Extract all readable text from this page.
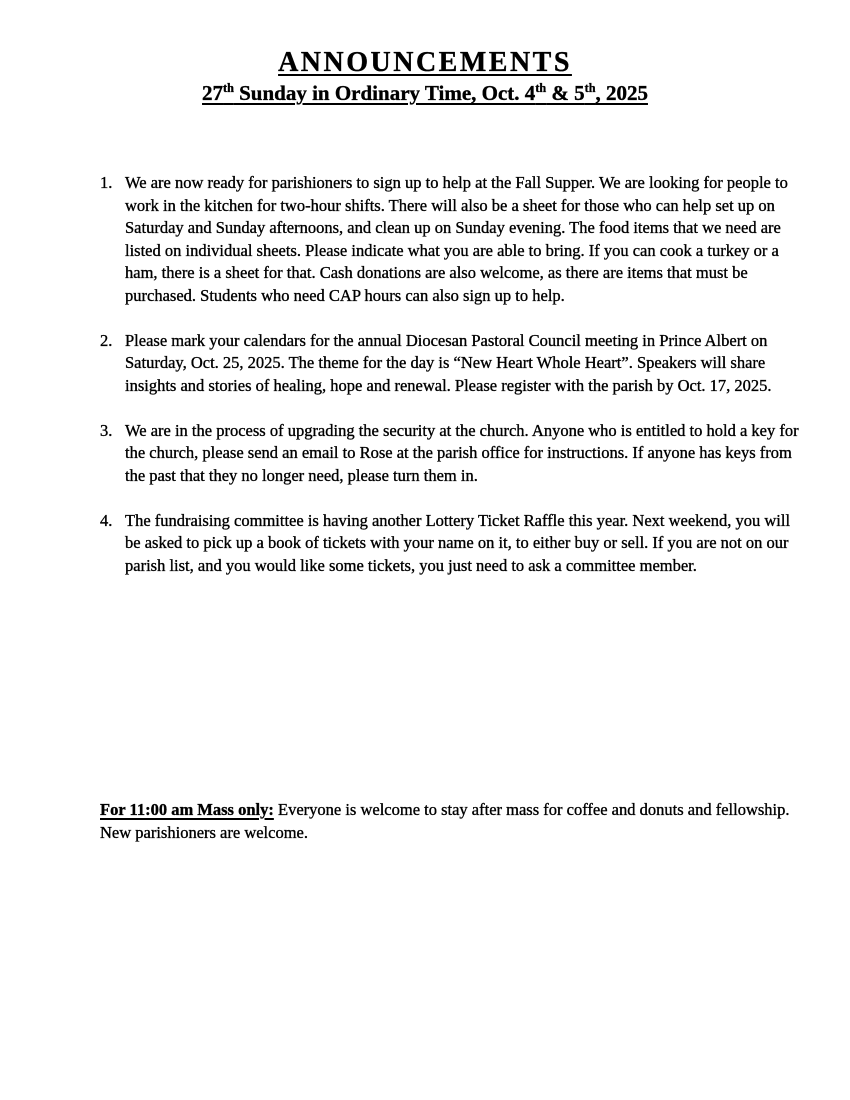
ANNOUNCEMENTS
27th Sunday in Ordinary Time, Oct. 4th & 5th, 2025
1. We are now ready for parishioners to sign up to help at the Fall Supper. We are looking for people to work in the kitchen for two-hour shifts. There will also be a sheet for those who can help set up on Saturday and Sunday afternoons, and clean up on Sunday evening. The food items that we need are listed on individual sheets. Please indicate what you are able to bring. If you can cook a turkey or a ham, there is a sheet for that. Cash donations are also welcome, as there are items that must be purchased. Students who need CAP hours can also sign up to help.
2. Please mark your calendars for the annual Diocesan Pastoral Council meeting in Prince Albert on Saturday, Oct. 25, 2025. The theme for the day is “New Heart Whole Heart”. Speakers will share insights and stories of healing, hope and renewal. Please register with the parish by Oct. 17, 2025.
3. We are in the process of upgrading the security at the church. Anyone who is entitled to hold a key for the church, please send an email to Rose at the parish office for instructions. If anyone has keys from the past that they no longer need, please turn them in.
4. The fundraising committee is having another Lottery Ticket Raffle this year. Next weekend, you will be asked to pick up a book of tickets with your name on it, to either buy or sell. If you are not on our parish list, and you would like some tickets, you just need to ask a committee member.
For 11:00 am Mass only: Everyone is welcome to stay after mass for coffee and donuts and fellowship. New parishioners are welcome.
